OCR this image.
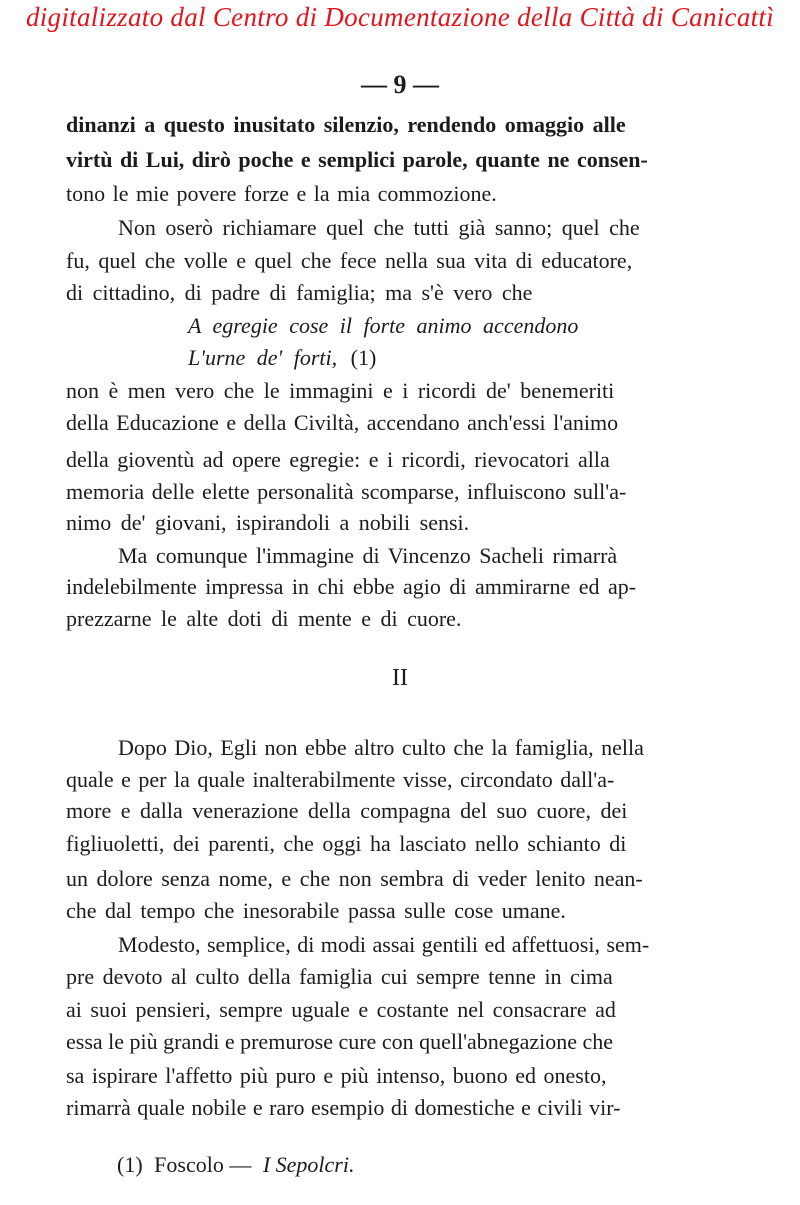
digitalizzato dal Centro di Documentazione della Città di Canicattì
— 9 —
dinanzi a questo inusitato silenzio, rendendo omaggio alle
virtù di Lui, dirò poche e semplici parole, quante ne consen-
tono le mie povere forze e la mia commozione.
Non oserò richiamare quel che tutti già sanno; quel che
fu, quel che volle e quel che fece nella sua vita di educatore,
di cittadino, di padre di famiglia; ma s'è vero che
A egregie cose il forte animo accendono
L'urne de' forti, (1)
non è men vero che le immagini e i ricordi de' benemeriti
della Educazione e della Civiltà, accendano anch'essi l'animo
della gioventù ad opere egregie: e i ricordi, rievocatori alla
memoria delle elette personalità scomparse, influiscono sull'a-
nimo de' giovani, ispirandoli a nobili sensi.
Ma comunque l'immagine di Vincenzo Sacheli rimarrà
indelebilmente impressa in chi ebbe agio di ammirarne ed ap-
prezzarne le alte doti di mente e di cuore.
II
Dopo Dio, Egli non ebbe altro culto che la famiglia, nella
quale e per la quale inalterabilmente visse, circondato dall'a-
more e dalla venerazione della compagna del suo cuore, dei
figliuoletti, dei parenti, che oggi ha lasciato nello schianto di
un dolore senza nome, e che non sembra di veder lenito nean-
che dal tempo che inesorabile passa sulle cose umane.
Modesto, semplice, di modi assai gentili ed affettuosi, sem-
pre devoto al culto della famiglia cui sempre tenne in cima
ai suoi pensieri, sempre uguale e costante nel consacrare ad
essa le più grandi e premurose cure con quell'abnegazione che
sa ispirare l'affetto più puro e più intenso, buono ed onesto,
rimarrà quale nobile e raro esempio di domestiche e civili vir-
(1) Foscolo — I Sepolcri.
